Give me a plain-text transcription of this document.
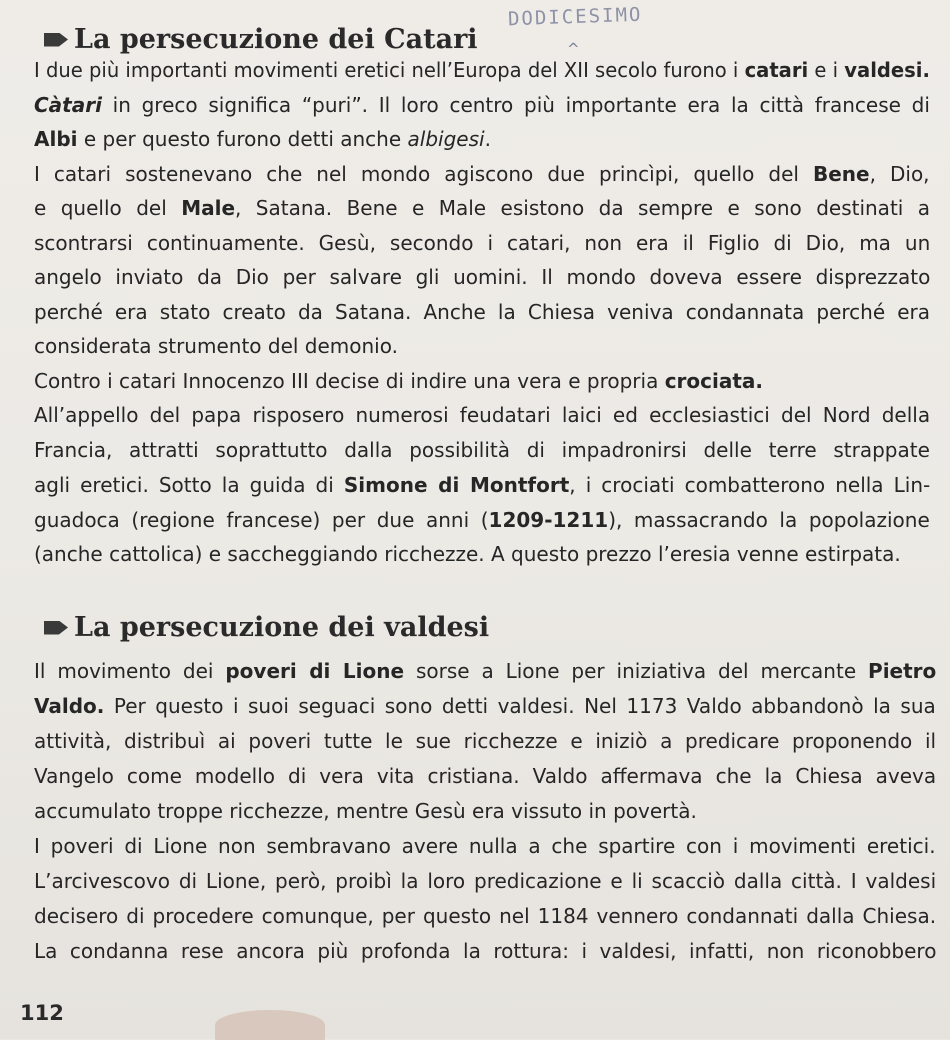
DODICESIMO
^
La persecuzione dei Catari
I due più importanti movimenti eretici nell’Europa del XII secolo furono i catari e i valdesi.
Càtari in greco significa “puri”. Il loro centro più importante era la città francese di
Albi e per questo furono detti anche albigesi.
I catari sostenevano che nel mondo agiscono due princìpi, quello del Bene, Dio,
e quello del Male, Satana. Bene e Male esistono da sempre e sono destinati a
scontrarsi continuamente. Gesù, secondo i catari, non era il Figlio di Dio, ma un
angelo inviato da Dio per salvare gli uomini. Il mondo doveva essere disprezzato
perché era stato creato da Satana. Anche la Chiesa veniva condannata perché era
considerata strumento del demonio.
Contro i catari Innocenzo III decise di indire una vera e propria crociata.
All’appello del papa risposero numerosi feudatari laici ed ecclesiastici del Nord della
Francia, attratti soprattutto dalla possibilità di impadronirsi delle terre strappate
agli eretici. Sotto la guida di Simone di Montfort, i crociati combatterono nella Lin-
guadoca (regione francese) per due anni (1209-1211), massacrando la popolazione
(anche cattolica) e saccheggiando ricchezze. A questo prezzo l’eresia venne estirpata.
La persecuzione dei valdesi
Il movimento dei poveri di Lione sorse a Lione per iniziativa del mercante Pietro
Valdo. Per questo i suoi seguaci sono detti valdesi. Nel 1173 Valdo abbandonò la sua
attività, distribuì ai poveri tutte le sue ricchezze e iniziò a predicare proponendo il
Vangelo come modello di vera vita cristiana. Valdo affermava che la Chiesa aveva
accumulato troppe ricchezze, mentre Gesù era vissuto in povertà.
I poveri di Lione non sembravano avere nulla a che spartire con i movimenti eretici.
L’arcivescovo di Lione, però, proibì la loro predicazione e li scacciò dalla città. I valdesi
decisero di procedere comunque, per questo nel 1184 vennero condannati dalla Chiesa.
La condanna rese ancora più profonda la rottura: i valdesi, infatti, non riconobbero
112
